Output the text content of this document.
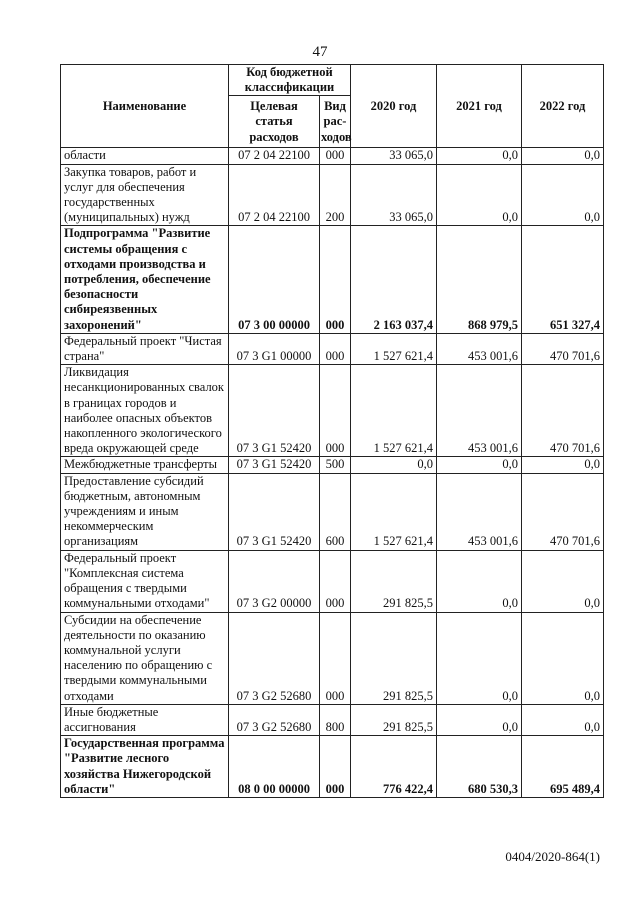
47
Наименование	Код бюджетной классификации		2020 год	2021 год	2022 год
	Целевая статья расходов	Вид рас-ходов			
области	07 2 04 22100	000	33 065,0	0,0	0,0
Закупка товаров, работ и услуг для обеспечения государственных (муниципальных) нужд	07 2 04 22100	200	33 065,0	0,0	0,0
Подпрограмма "Развитие системы обращения с отходами производства и потребления, обеспечение безопасности сибиреязвенных захоронений"	07 3 00 00000	000	2 163 037,4	868 979,5	651 327,4
Федеральный проект "Чистая страна"	07 3 G1 00000	000	1 527 621,4	453 001,6	470 701,6
Ликвидация несанкционированных свалок в границах городов и наиболее опасных объектов накопленного экологического вреда окружающей среде	07 3 G1 52420	000	1 527 621,4	453 001,6	470 701,6
Межбюджетные трансферты	07 3 G1 52420	500	0,0	0,0	0,0
Предоставление субсидий бюджетным, автономным учреждениям и иным некоммерческим организациям	07 3 G1 52420	600	1 527 621,4	453 001,6	470 701,6
Федеральный проект "Комплексная система обращения с твердыми коммунальными отходами"	07 3 G2 00000	000	291 825,5	0,0	0,0
Субсидии на обеспечение деятельности по оказанию коммунальной услуги населению по обращению с твердыми коммунальными отходами	07 3 G2 52680	000	291 825,5	0,0	0,0
Иные бюджетные ассигнования	07 3 G2 52680	800	291 825,5	0,0	0,0
Государственная программа "Развитие лесного хозяйства Нижегородской области"	08 0 00 00000	000	776 422,4	680 530,3	695 489,4
0404/2020-864(1)
